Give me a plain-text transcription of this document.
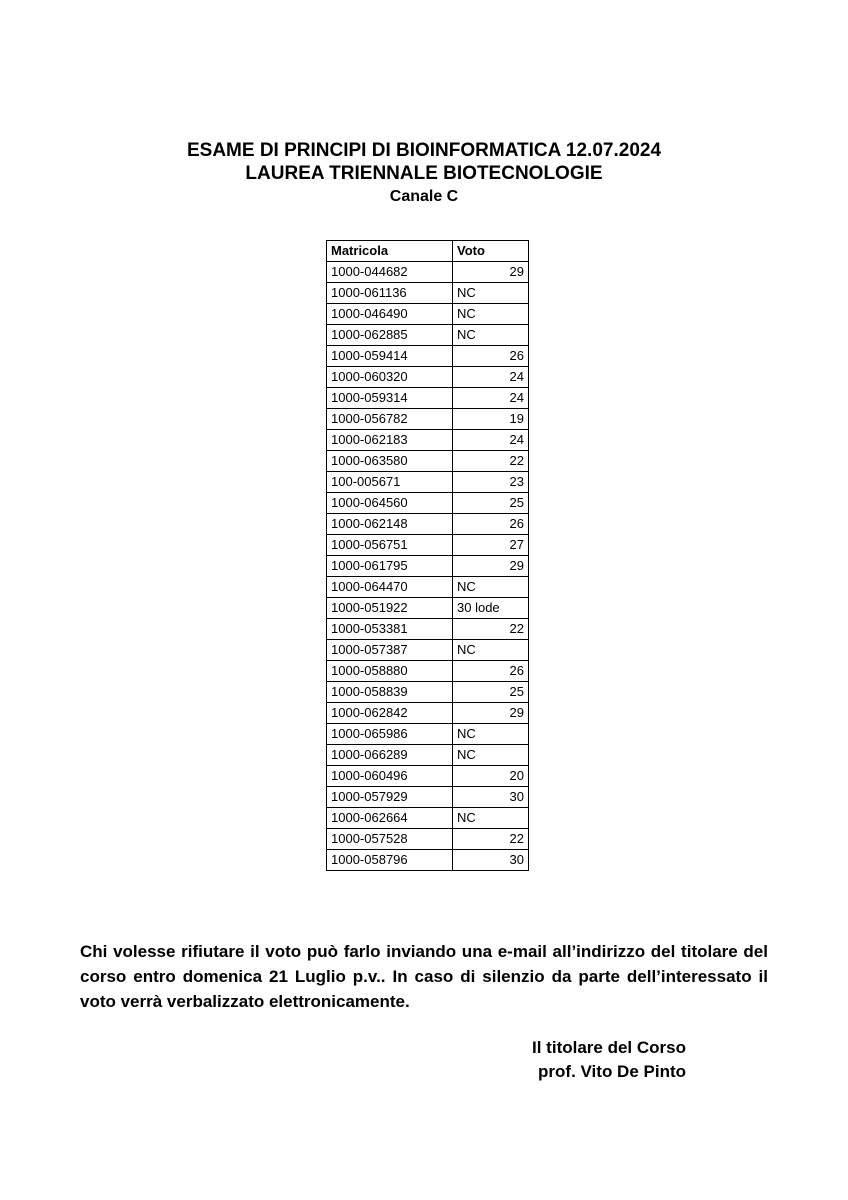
ESAME DI PRINCIPI DI BIOINFORMATICA 12.07.2024
LAUREA TRIENNALE BIOTECNOLOGIE
Canale C
Matricola	Voto
1000-044682	29
1000-061136	NC
1000-046490	NC
1000-062885	NC
1000-059414	26
1000-060320	24
1000-059314	24
1000-056782	19
1000-062183	24
1000-063580	22
100-005671	23
1000-064560	25
1000-062148	26
1000-056751	27
1000-061795	29
1000-064470	NC
1000-051922	30 lode
1000-053381	22
1000-057387	NC
1000-058880	26
1000-058839	25
1000-062842	29
1000-065986	NC
1000-066289	NC
1000-060496	20
1000-057929	30
1000-062664	NC
1000-057528	22
1000-058796	30

Chi volesse rifiutare il voto può farlo inviando una e-mail all’indirizzo del titolare del corso entro domenica 21 Luglio p.v.. In caso di silenzio da parte dell’interessato il voto verrà verbalizzato elettronicamente.

Il titolare del Corso

prof. Vito De Pinto
